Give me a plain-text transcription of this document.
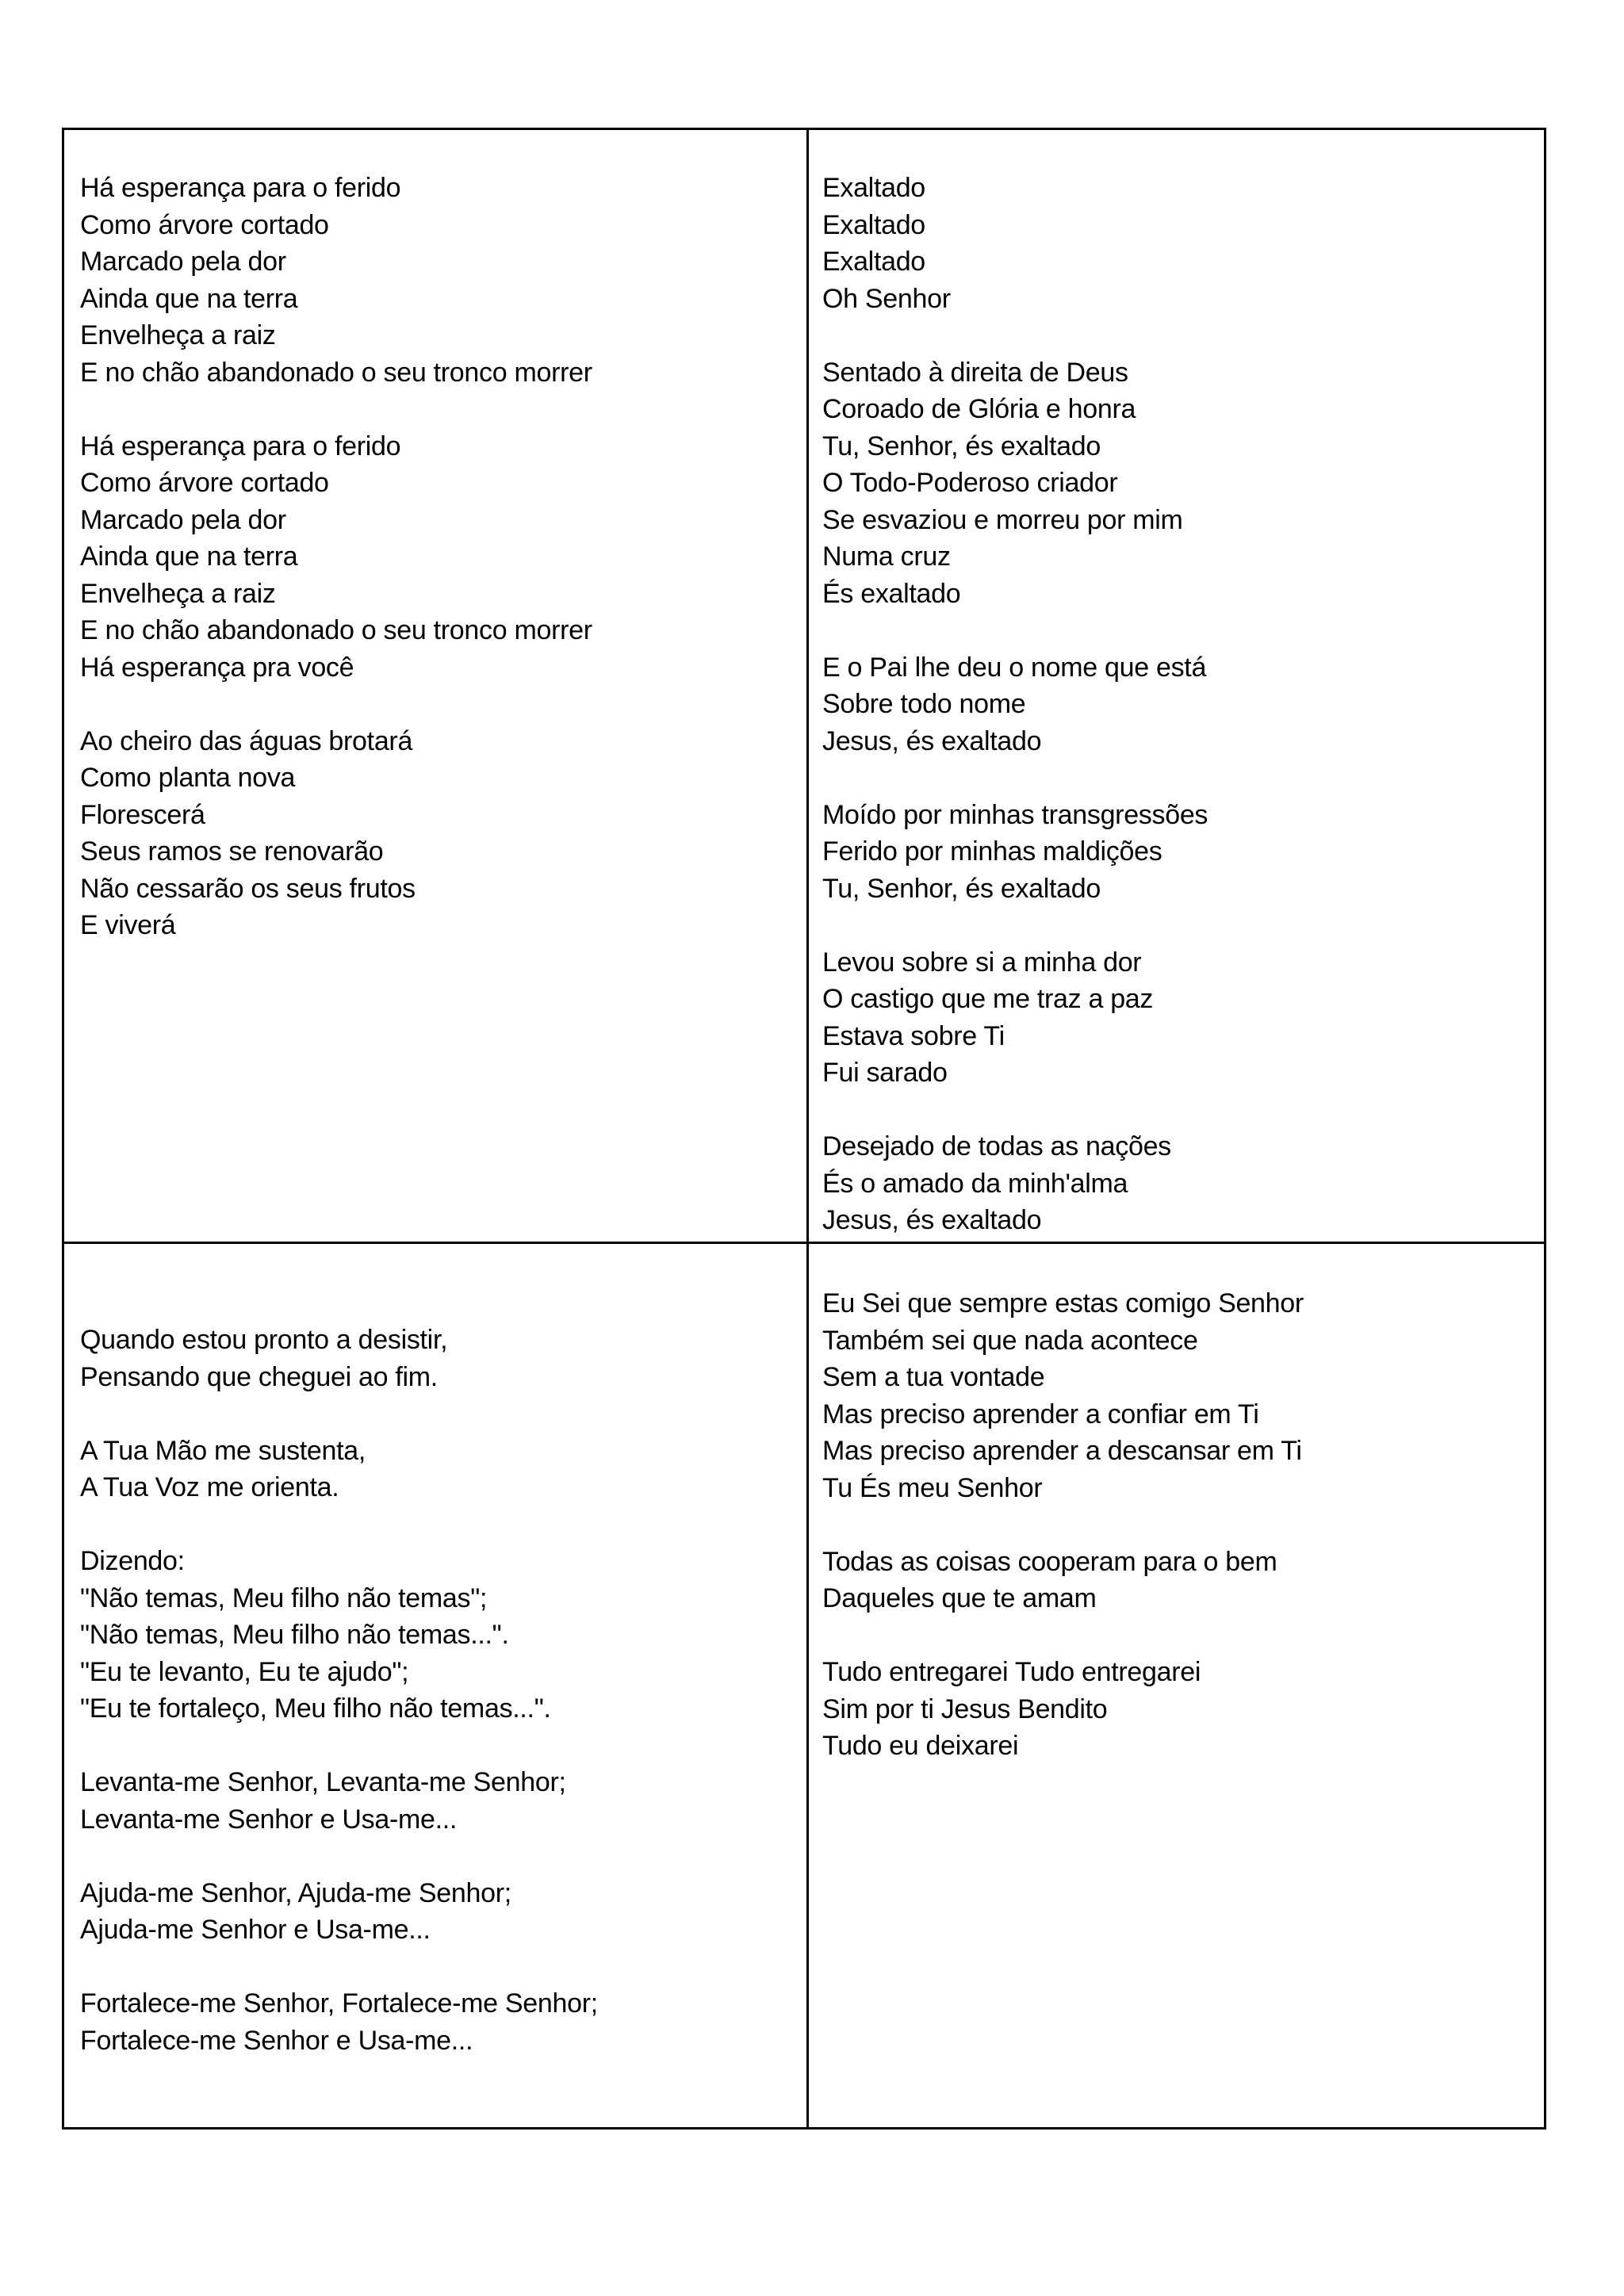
Há esperança para o ferido
Como árvore cortado
Marcado pela dor
Ainda que na terra
Envelheça a raiz
E no chão abandonado o seu tronco morrer
Há esperança para o ferido
Como árvore cortado
Marcado pela dor
Ainda que na terra
Envelheça a raiz
E no chão abandonado o seu tronco morrer
Há esperança pra você
Ao cheiro das águas brotará
Como planta nova
Florescerá
Seus ramos se renovarão
Não cessarão os seus frutos
E viverá
Exaltado
Exaltado
Exaltado
Oh Senhor
Sentado à direita de Deus
Coroado de Glória e honra
Tu, Senhor, és exaltado
O Todo-Poderoso criador
Se esvaziou e morreu por mim
Numa cruz
És exaltado
E o Pai lhe deu o nome que está
Sobre todo nome
Jesus, és exaltado
Moído por minhas transgressões
Ferido por minhas maldições
Tu, Senhor, és exaltado
Levou sobre si a minha dor
O castigo que me traz a paz
Estava sobre Ti
Fui sarado
Desejado de todas as nações
És o amado da minh'alma
Jesus, és exaltado
Quando estou pronto a desistir,
Pensando que cheguei ao fim.
A Tua Mão me sustenta,
A Tua Voz me orienta.
Dizendo:
"Não temas, Meu filho não temas";
"Não temas, Meu filho não temas...".
"Eu te levanto, Eu te ajudo";
"Eu te fortaleço, Meu filho não temas...".
Levanta-me Senhor, Levanta-me Senhor;
Levanta-me Senhor e Usa-me...
Ajuda-me Senhor, Ajuda-me Senhor;
Ajuda-me Senhor e Usa-me...
Fortalece-me Senhor, Fortalece-me Senhor;
Fortalece-me Senhor e Usa-me...
Eu Sei que sempre estas comigo Senhor
Também sei que nada acontece
Sem a tua vontade
Mas preciso aprender a confiar em Ti
Mas preciso aprender a descansar em Ti
Tu És meu Senhor
Todas as coisas cooperam para o bem
Daqueles que te amam
Tudo entregarei Tudo entregarei
Sim por ti Jesus Bendito
Tudo eu deixarei
